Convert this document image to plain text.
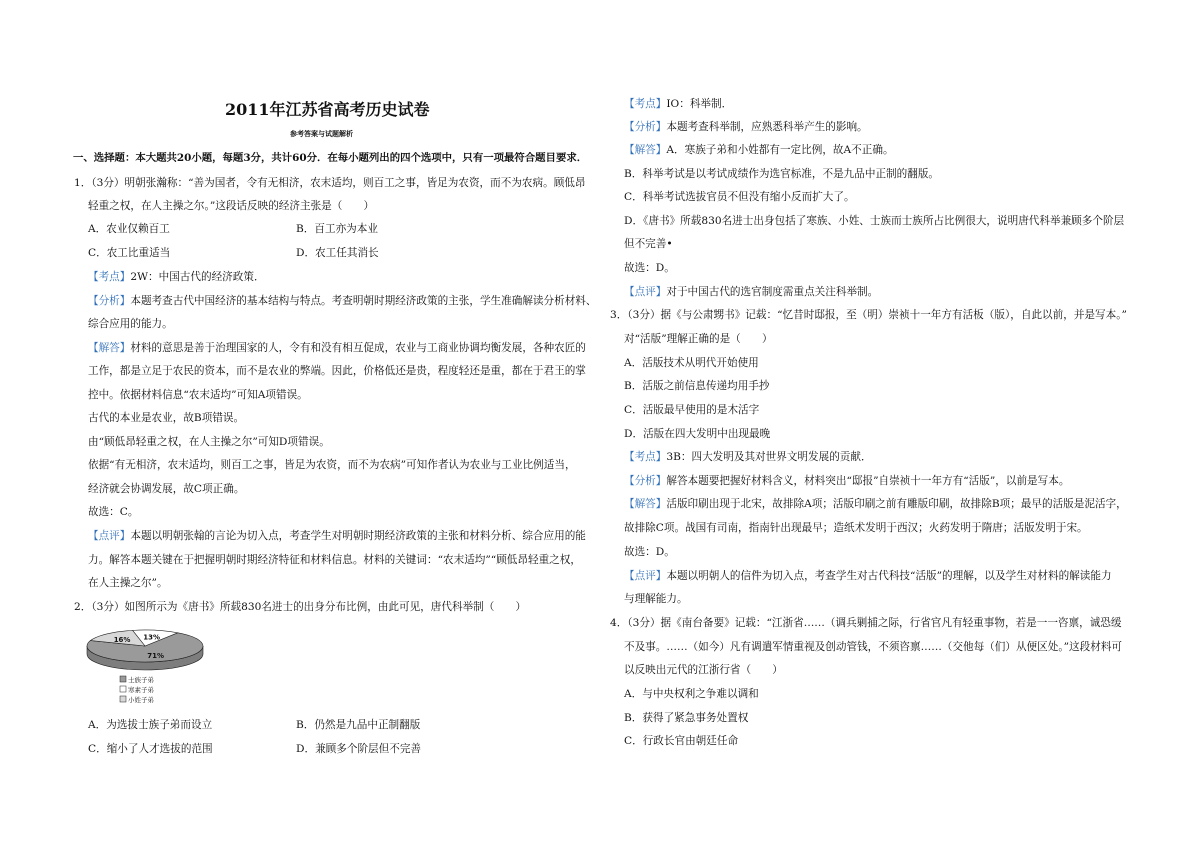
2011年江苏省高考历史试卷
参考答案与试题解析
一、选择题：本大题共20小题，每题3分，共计60分．在每小题列出的四个选项中，只有一项最符合题目要求．
1．（3分）明朝张瀚称：“善为国者，令有无相济，农末适均，则百工之事，皆足为农资，而不为农病。顾低昂
轻重之权，在人主操之尔。”这段话反映的经济主张是（　　）
A．农业仅赖百工	B．百工亦为本业
C．农工比重适当	D．农工任其消长
【考点】2W：中国古代的经济政策．
【分析】本题考查古代中国经济的基本结构与特点。考查明朝时期经济政策的主张，学生准确解读分析材料、
综合应用的能力。
【解答】材料的意思是善于治理国家的人，令有和没有相互促成，农业与工商业协调均衡发展，各种农匠的
工作，都是立足于农民的资本，而不是农业的弊端。因此，价格低还是贵，程度轻还是重，都在于君王的掌
控中。依据材料信息“农末适均”可知A项错误。
古代的本业是农业，故B项错误。
由“顾低昂轻重之权，在人主操之尔”可知D项错误。
依据“有无相济，农末适均，则百工之事，皆足为农资，而不为农病”可知作者认为农业与工业比例适当，
经济就会协调发展，故C项正确。
故选：C。
【点评】本题以明朝张翰的言论为切入点，考查学生对明朝时期经济政策的主张和材料分析、综合应用的能
力。解答本题关键在于把握明朝时期经济特征和材料信息。材料的关键词：“农末适均”“顾低昂轻重之权，
在人主操之尔”。
2．（3分）如图所示为《唐书》所载830名进士的出身分布比例，由此可见，唐代科举制（　　）
71%
13%
16%
士族子弟
寒素子弟
小姓子弟
A．为选拔士族子弟而设立	B．仍然是九品中正制翻版
C．缩小了人才选拔的范围	D．兼顾多个阶层但不完善
【考点】IO：科举制．
【分析】本题考查科举制，应熟悉科举产生的影响。
【解答】A．寒族子弟和小姓都有一定比例，故A不正确。
B．科举考试是以考试成绩作为选官标准，不是九品中正制的翻版。
C．科举考试选拔官员不但没有缩小反而扩大了。
D．《唐书》所载830名进士出身包括了寒族、小姓、士族而士族所占比例很大，说明唐代科举兼顾多个阶层
但不完善•
故选：D。
【点评】对于中国古代的选官制度需重点关注科举制。
3．（3分）据《与公肃甥书》记载：“忆昔时邸报，至（明）崇祯十一年方有活板（版），自此以前，并是写本。”
对“活版”理解正确的是（　　）
A．活版技术从明代开始使用
B．活版之前信息传递均用手抄
C．活版最早使用的是木活字
D．活版在四大发明中出现最晚
【考点】3B：四大发明及其对世界文明发展的贡献．
【分析】解答本题要把握好材料含义，材料突出“邸报”自崇祯十一年方有“活版”，以前是写本。
【解答】活版印刷出现于北宋，故排除A项；活版印刷之前有雕版印刷，故排除B项；最早的活版是泥活字，
故排除C项。战国有司南，指南针出现最早；造纸术发明于西汉；火药发明于隋唐；活版发明于宋。
故选：D。
【点评】本题以明朝人的信件为切入点，考查学生对古代科技“活版”的理解，以及学生对材料的解读能力
与理解能力。
4．（3分）据《南台备要》记载：“江浙省……（调兵剿捕之际，行省官凡有轻重事物，若是一一咨禀，诚恐缓
不及事。……（如今）凡有调遣军情重视及创动管钱，不须咨禀……（交他每（们）从便区处。”这段材料可
以反映出元代的江浙行省（　　）
A．与中央权利之争难以调和
B．获得了紧急事务处置权
C．行政长官由朝廷任命
